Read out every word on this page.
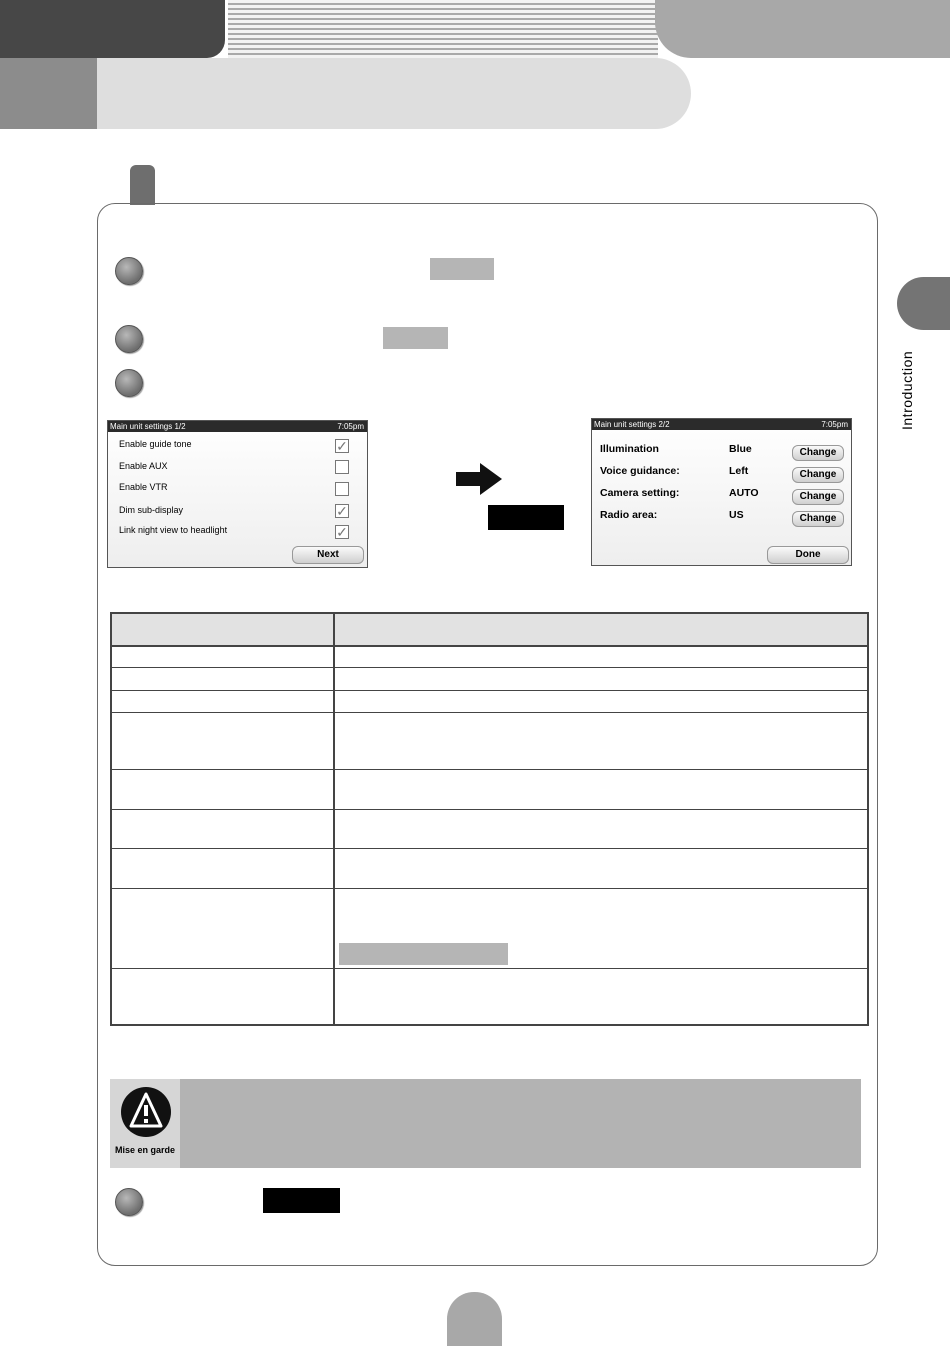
Introduction
Main unit settings 1/2	7:05pm
Enable guide tone	✓
Enable AUX
Enable VTR
Dim sub-display	✓
Link night view to headlight	✓
Next
Main unit settings 2/2	7:05pm
Illumination	Blue	Change
Voice guidance:	Left	Change
Camera setting:	AUTO	Change
Radio area:	US	Change
Done
Mise en garde
